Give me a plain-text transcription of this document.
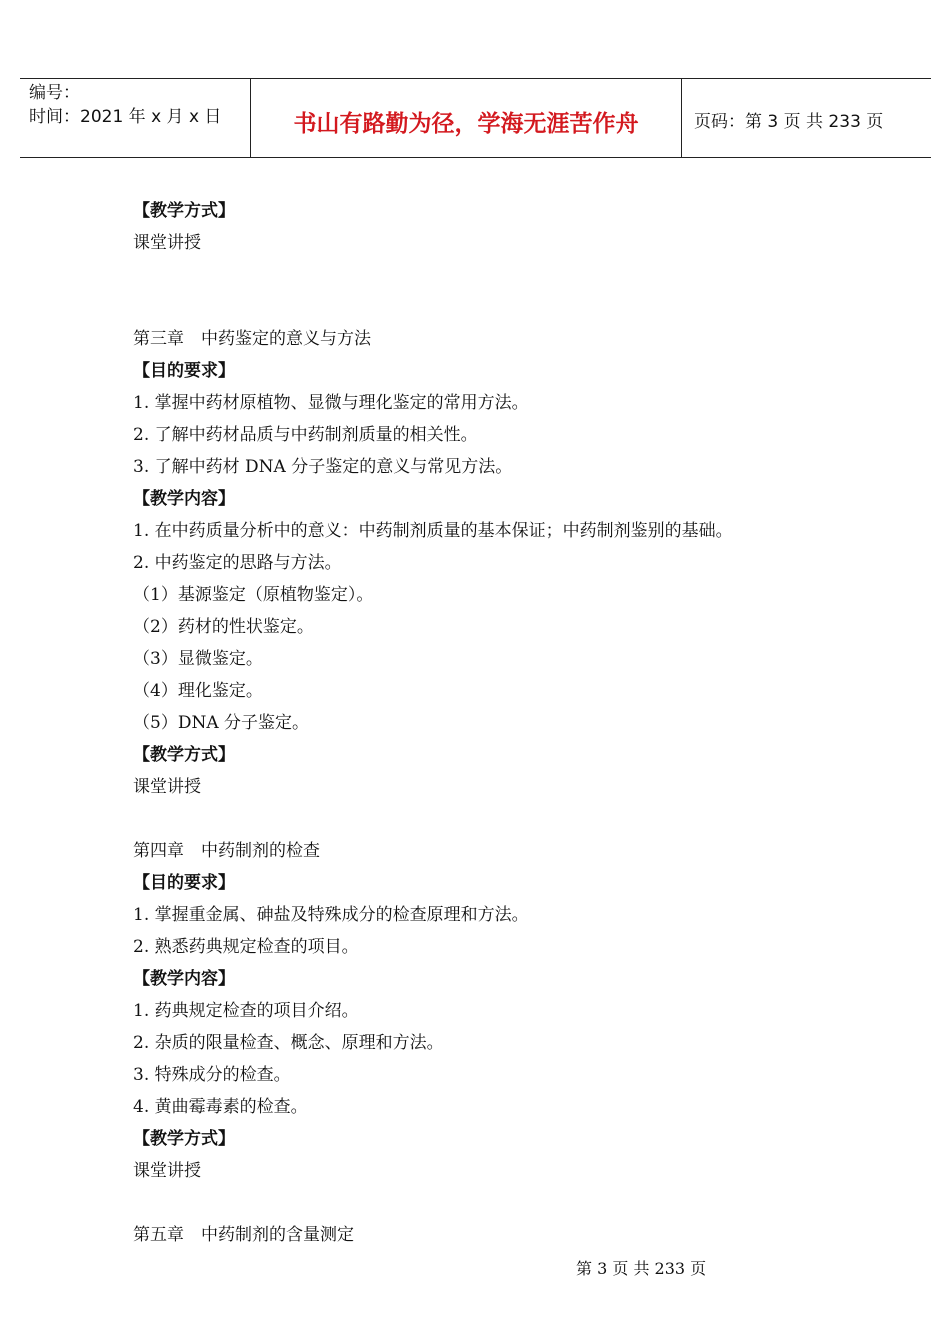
编号：
时间：2021 年 x 月 x 日	书山有路勤为径，学海无涯苦作舟	页码：第 3 页 共 233 页
【教学方式】
课堂讲授
第三章　中药鉴定的意义与方法
【目的要求】
1. 掌握中药材原植物、显微与理化鉴定的常用方法。
2. 了解中药材品质与中药制剂质量的相关性。
3. 了解中药材 DNA 分子鉴定的意义与常见方法。
【教学内容】
1. 在中药质量分析中的意义：中药制剂质量的基本保证；中药制剂鉴别的基础。
2. 中药鉴定的思路与方法。
（1）基源鉴定（原植物鉴定）。
（2）药材的性状鉴定。
（3）显微鉴定。
（4）理化鉴定。
（5）DNA 分子鉴定。
【教学方式】
课堂讲授
第四章　中药制剂的检查
【目的要求】
1. 掌握重金属、砷盐及特殊成分的检查原理和方法。
2. 熟悉药典规定检查的项目。
【教学内容】
1. 药典规定检查的项目介绍。
2. 杂质的限量检查、概念、原理和方法。
3. 特殊成分的检查。
4. 黄曲霉毒素的检查。
【教学方式】
课堂讲授
第五章　中药制剂的含量测定
第 3 页 共 233 页
